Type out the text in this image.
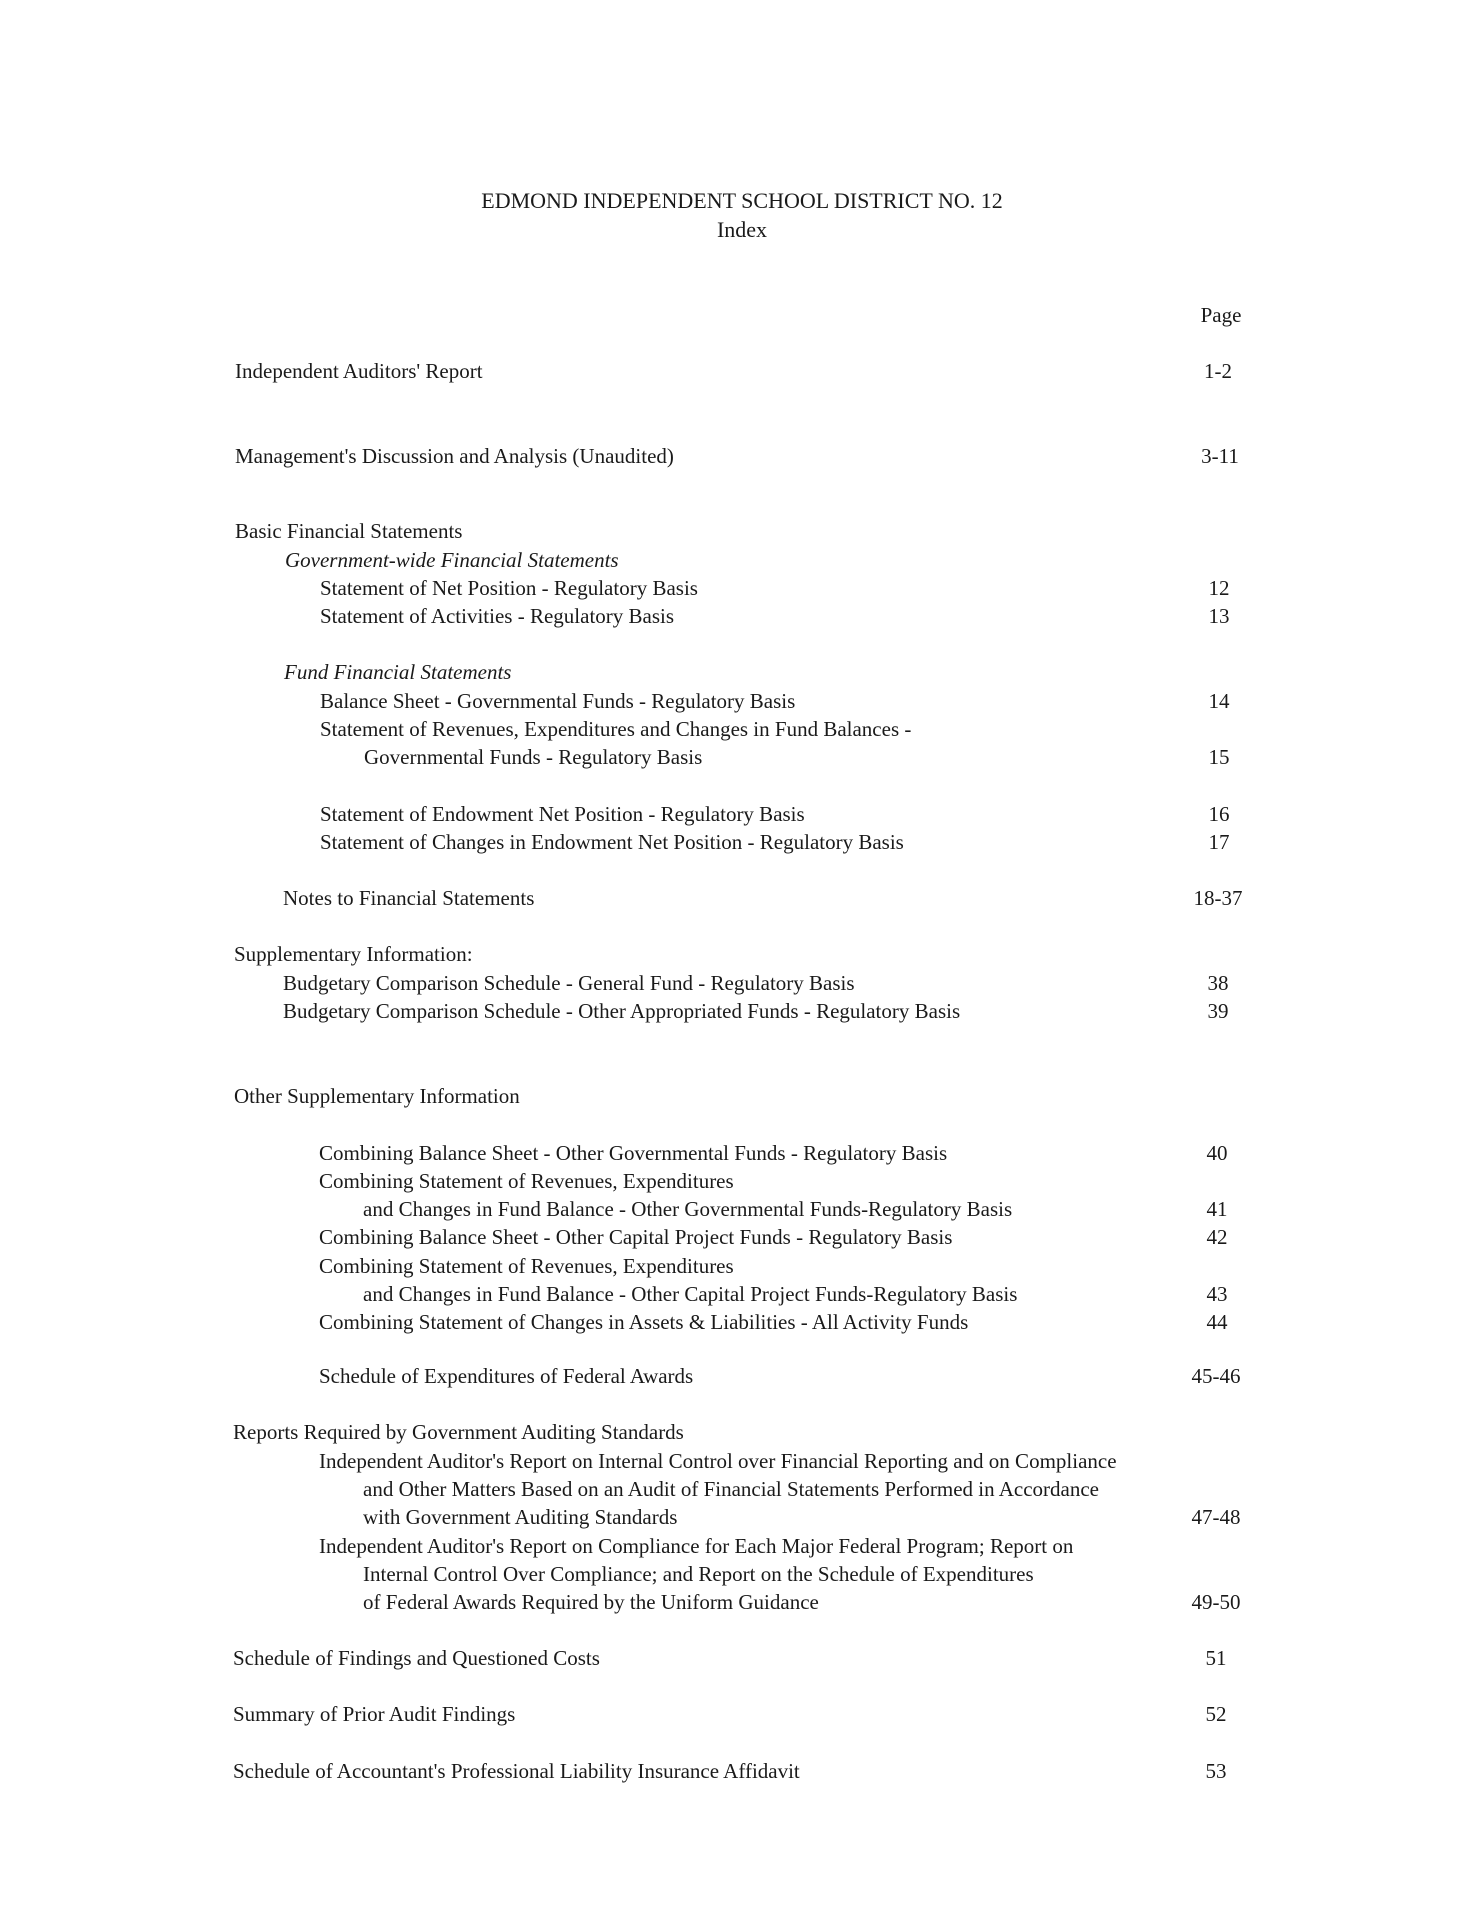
EDMOND INDEPENDENT SCHOOL DISTRICT NO. 12
Index
Page
Independent Auditors' Report	1-2
Management's Discussion and Analysis (Unaudited)	3-11
Basic Financial Statements
Government-wide Financial Statements
Statement of Net Position - Regulatory Basis	12
Statement of Activities - Regulatory Basis	13
Fund Financial Statements
Balance Sheet - Governmental Funds - Regulatory Basis	14
Statement of Revenues, Expenditures and Changes in Fund Balances -
Governmental Funds - Regulatory Basis	15
Statement of Endowment Net Position - Regulatory Basis	16
Statement of Changes in Endowment Net Position - Regulatory Basis	17
Notes to Financial Statements	18-37
Supplementary Information:
Budgetary Comparison Schedule - General Fund - Regulatory Basis	38
Budgetary Comparison Schedule - Other Appropriated Funds - Regulatory Basis	39
Other Supplementary Information
Combining Balance Sheet - Other Governmental Funds - Regulatory Basis	40
Combining Statement of Revenues, Expenditures
and Changes in Fund Balance - Other Governmental Funds-Regulatory Basis	41
Combining Balance Sheet - Other Capital Project Funds - Regulatory Basis	42
Combining Statement of Revenues, Expenditures
and Changes in Fund Balance - Other Capital Project Funds-Regulatory Basis	43
Combining Statement of Changes in Assets & Liabilities - All Activity Funds	44
Schedule of Expenditures of Federal Awards	45-46
Reports Required by Government Auditing Standards
Independent Auditor's Report on Internal Control over Financial Reporting and on Compliance
and Other Matters Based on an Audit of Financial Statements Performed in Accordance
with Government Auditing Standards	47-48
Independent Auditor's Report on Compliance for Each Major Federal Program; Report on
Internal Control Over Compliance; and Report on the Schedule of Expenditures
of Federal Awards Required by the Uniform Guidance	49-50
Schedule of Findings and Questioned Costs	51
Summary of Prior Audit Findings	52
Schedule of Accountant's Professional Liability Insurance Affidavit	53
